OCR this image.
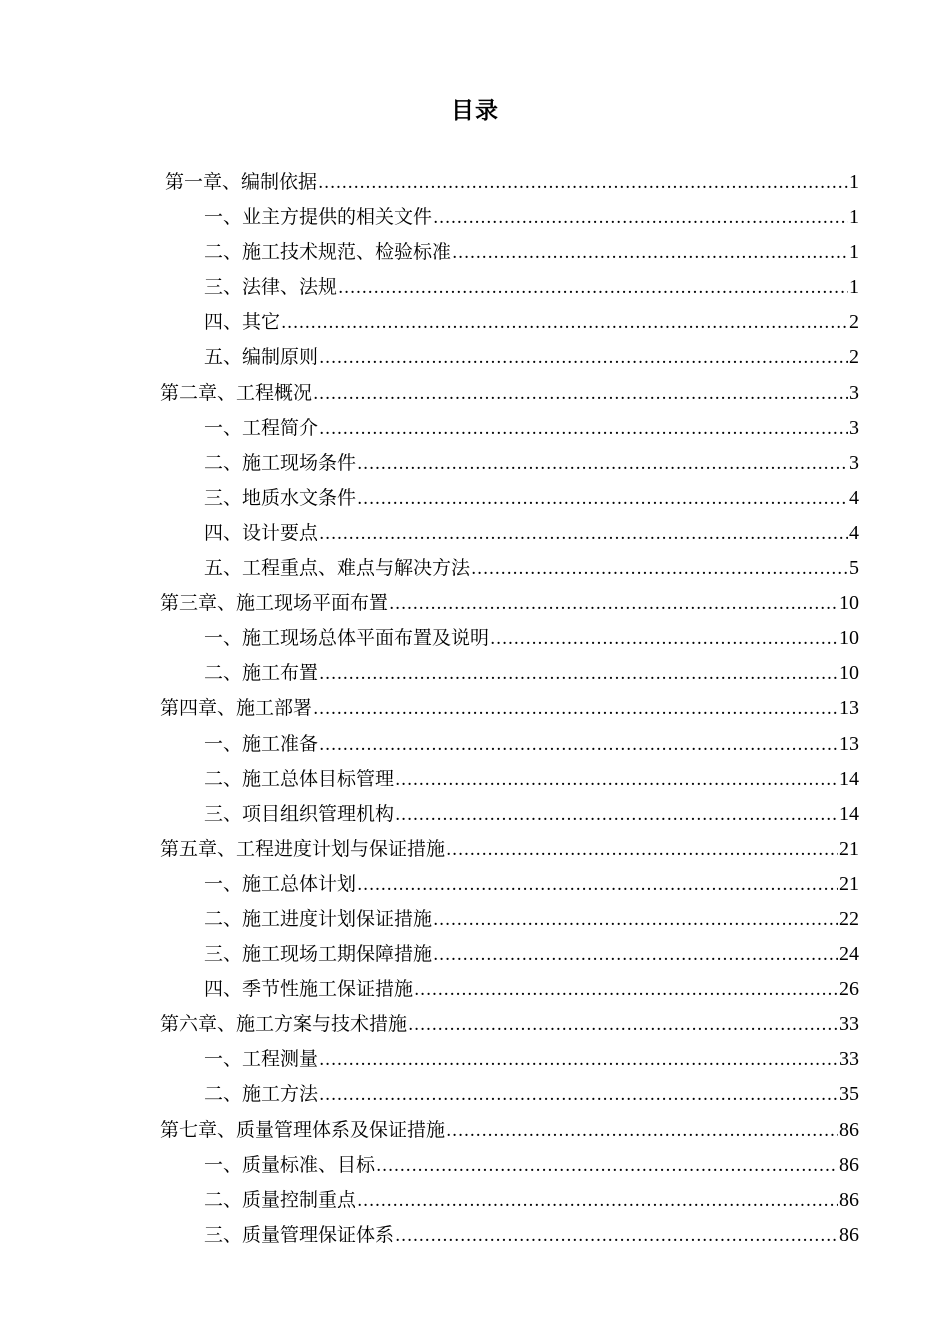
目录
第一章、编制依据 .....	1
一、业主方提供的相关文件 .....	1
二、施工技术规范、检验标准 .....	1
三、法律、法规 .....	1
四、其它 .....	2
五、编制原则 .....	2
第二章、工程概况 .....	3
一、工程简介 .....	3
二、施工现场条件 .....	3
三、地质水文条件 .....	4
四、设计要点 .....	4
五、工程重点、难点与解决方法 .....	5
第三章、施工现场平面布置 .....	10
一、施工现场总体平面布置及说明 .....	10
二、施工布置 .....	10
第四章、施工部署 .....	13
一、施工准备 .....	13
二、施工总体目标管理 .....	14
三、项目组织管理机构 .....	14
第五章、工程进度计划与保证措施 .....	21
一、施工总体计划 .....	21
二、施工进度计划保证措施 .....	22
三、施工现场工期保障措施 .....	24
四、季节性施工保证措施 .....	26
第六章、施工方案与技术措施 .....	33
一、工程测量 .....	33
二、施工方法 .....	35
第七章、质量管理体系及保证措施 .....	86
一、质量标准、目标 .....	86
二、质量控制重点 .....	86
三、质量管理保证体系 .....	86
